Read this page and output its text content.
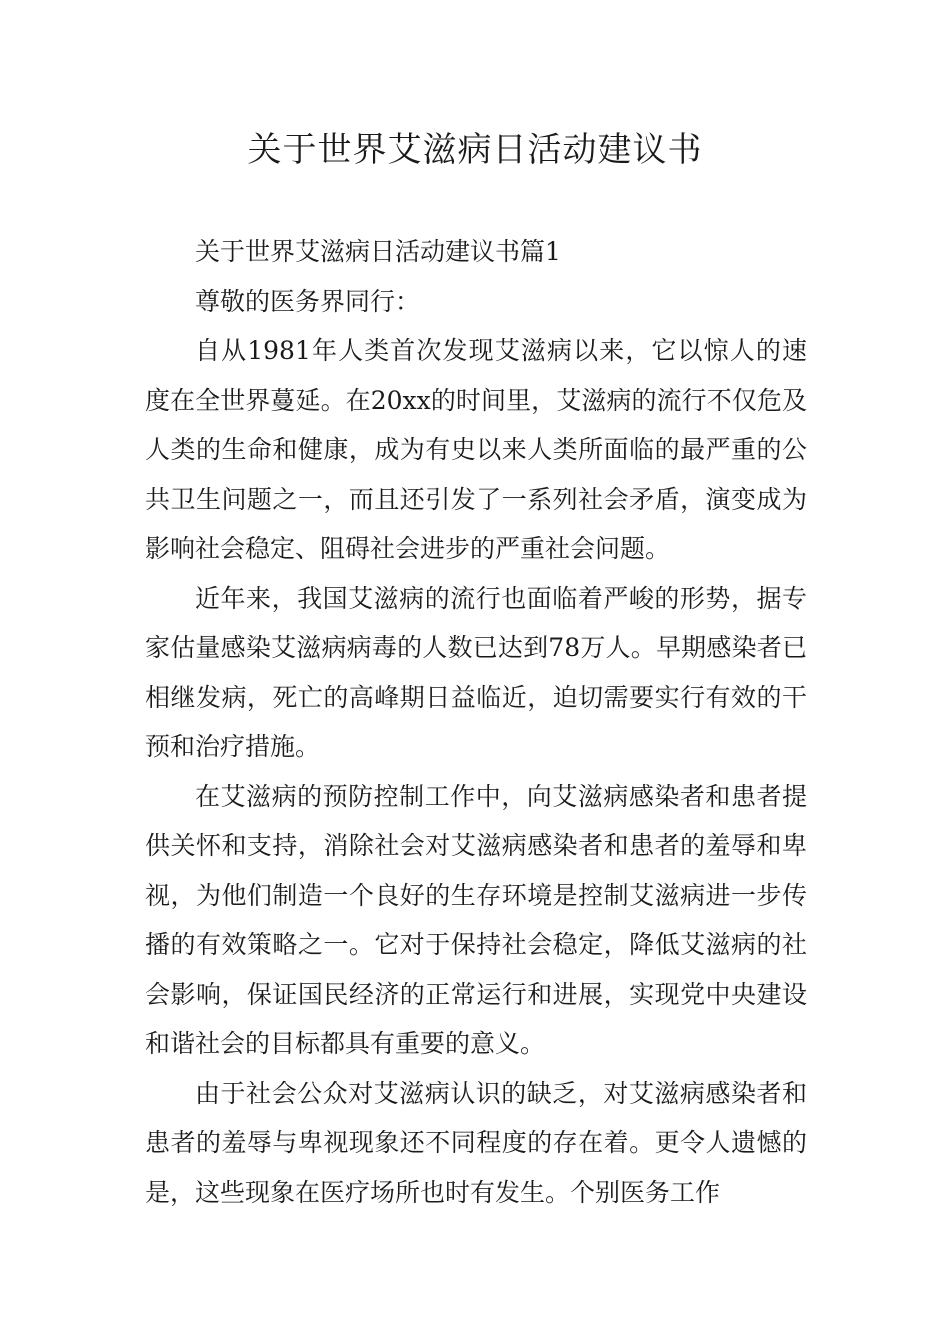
关于世界艾滋病日活动建议书

关于世界艾滋病日活动建议书篇1

尊敬的医务界同行：

自从1981年人类首次发现艾滋病以来，它以惊人的速度在全世界蔓延。在20xx的时间里，艾滋病的流行不仅危及人类的生命和健康，成为有史以来人类所面临的最严重的公共卫生问题之一，而且还引发了一系列社会矛盾，演变成为影响社会稳定、阻碍社会进步的严重社会问题。

近年来，我国艾滋病的流行也面临着严峻的形势，据专家估量感染艾滋病病毒的人数已达到78万人。早期感染者已相继发病，死亡的高峰期日益临近，迫切需要实行有效的干预和治疗措施。

在艾滋病的预防控制工作中，向艾滋病感染者和患者提供关怀和支持，消除社会对艾滋病感染者和患者的羞辱和卑视，为他们制造一个良好的生存环境是控制艾滋病进一步传播的有效策略之一。它对于保持社会稳定，降低艾滋病的社会影响，保证国民经济的正常运行和进展，实现党中央建设和谐社会的目标都具有重要的意义。

由于社会公众对艾滋病认识的缺乏，对艾滋病感染者和患者的羞辱与卑视现象还不同程度的存在着。更令人遗憾的是，这些现象在医疗场所也时有发生。个别医务工作
